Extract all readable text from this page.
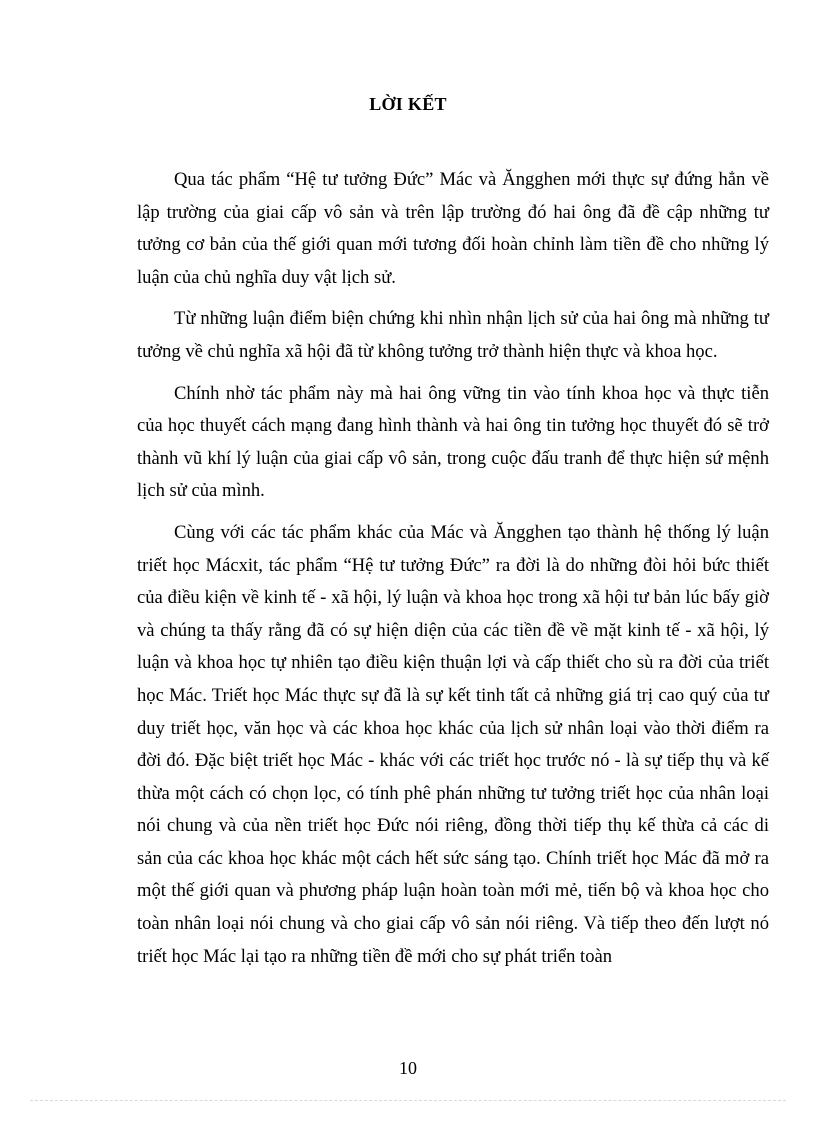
LỜI KẾT

Qua tác phẩm “Hệ tư tưởng Đức” Mác và Ăngghen mới thực sự đứng hẳn về lập trường của giai cấp vô sản và trên lập trường đó hai ông đã đề cập những tư tưởng cơ bản của thế giới quan mới tương đối hoàn chỉnh làm tiền đề cho những lý luận của chủ nghĩa duy vật lịch sử.

Từ những luận điểm biện chứng khi nhìn nhận lịch sử của hai ông mà những tư tưởng về chủ nghĩa xã hội đã từ không tưởng trở thành hiện thực và khoa học.

Chính nhờ tác phẩm này mà hai ông vững tin vào tính khoa học và thực tiễn của học thuyết cách mạng đang hình thành và hai ông tin tưởng học thuyết đó sẽ trở thành vũ khí lý luận của giai cấp vô sản, trong cuộc đấu tranh để thực hiện sứ mệnh lịch sử của mình.

Cùng với các tác phẩm khác của Mác và Ăngghen tạo thành hệ thống lý luận triết học Mácxit, tác phẩm “Hệ tư tưởng Đức” ra đời là do những đòi hỏi bức thiết của điều kiện về kinh tế - xã hội, lý luận và khoa học trong xã hội tư bản lúc bấy giờ và chúng ta thấy rằng đã có sự hiện diện của các tiền đề về mặt kinh tế - xã hội, lý luận và khoa học tự nhiên tạo điều kiện thuận lợi và cấp thiết cho sù ra đời của triết học Mác. Triết học Mác thực sự đã là sự kết tinh tất cả những giá trị cao quý của tư duy triết học, văn học và các khoa học khác của lịch sử nhân loại vào thời điểm ra đời đó. Đặc biệt triết học Mác - khác với các triết học trước nó - là sự tiếp thụ và kế thừa một cách có chọn lọc, có tính phê phán những tư tưởng triết học của nhân loại nói chung và của nền triết học Đức nói riêng, đồng thời tiếp thụ kế thừa cả các di sản của các khoa học khác một cách hết sức sáng tạo. Chính triết học Mác đã mở ra một thế giới quan và phương pháp luận hoàn toàn mới mẻ, tiến bộ và khoa học cho toàn nhân loại nói chung và cho giai cấp vô sản nói riêng. Và tiếp theo đến lượt nó triết học Mác lại tạo ra những tiền đề mới cho sự phát triển toàn

10
